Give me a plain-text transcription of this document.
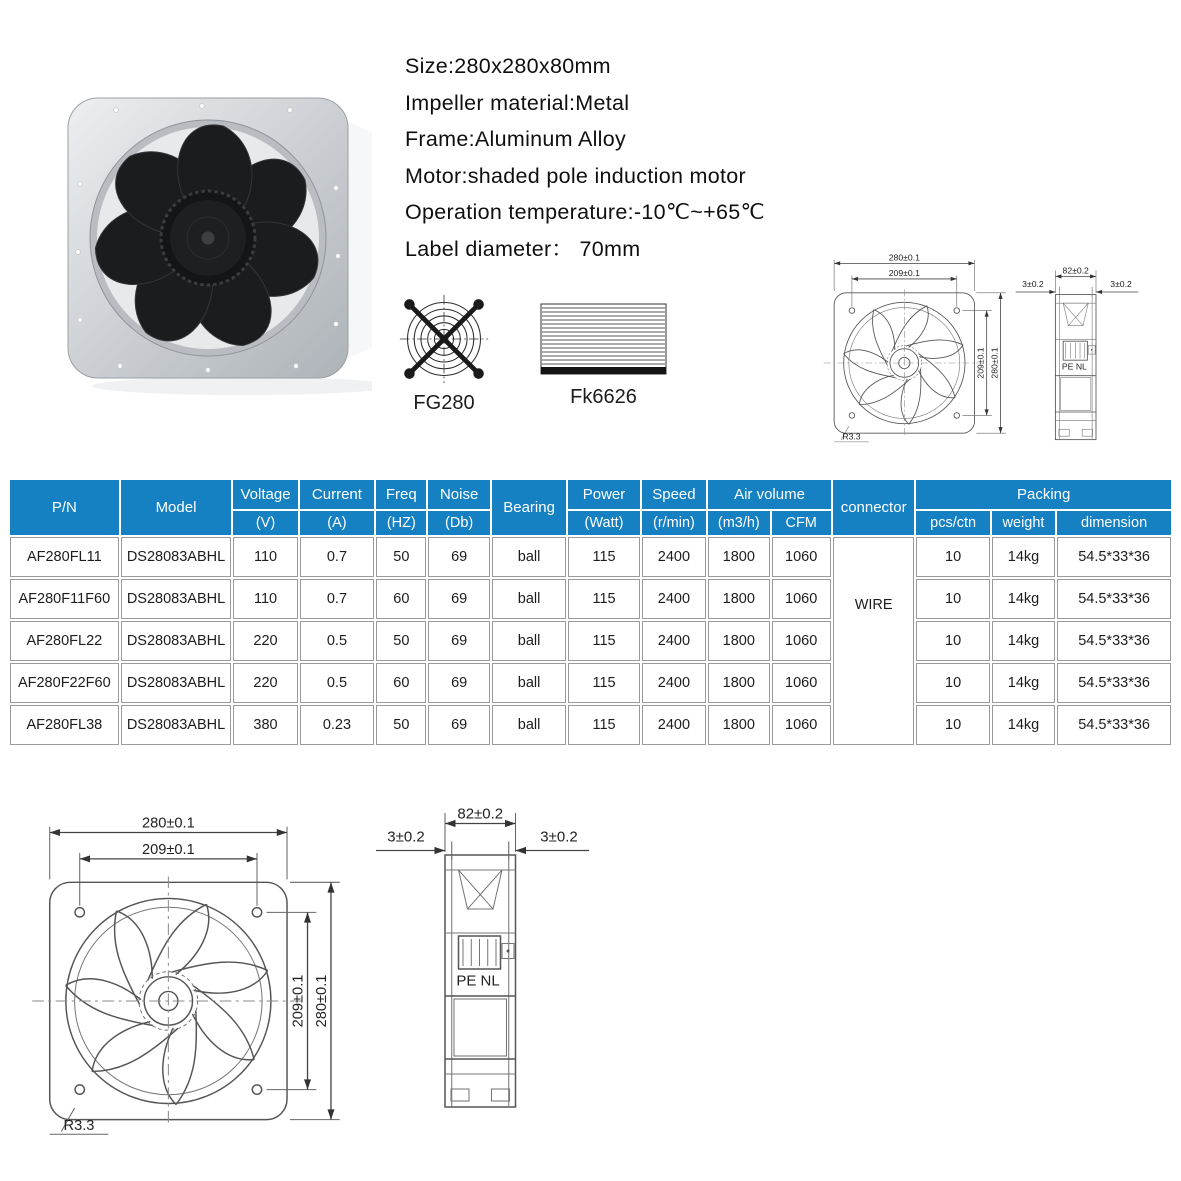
Size:280x280x80mm
Impeller material:Metal
Frame:Aluminum Alloy
Motor:shaded pole induction motor
Operation temperature:-10℃~+65℃
Label diameter： 70mm
FG280	Fk6626
280±0.1
209±0.1
209±0.1 280±0.1
R3.3
82±0.2
3±0.2	3±0.2
PE NL
P/N	Model	Voltage	Current	Freq	Noise	Bearing	Power	Speed	Air volume		connector	Packing		
		(V)	(A)	(HZ)	(Db)		(Watt)	(r/min)	(m3/h)	CFM		pcs/ctn	weight	dimension
AF280FL11	DS28083ABHL	110	0.7	50	69	ball	115	2400	1800	1060	WIRE	10	14kg	54.5*33*36
AF280F11F60	DS28083ABHL	110	0.7	60	69	ball	115	2400	1800	1060		10	14kg	54.5*33*36
AF280FL22	DS28083ABHL	220	0.5	50	69	ball	115	2400	1800	1060		10	14kg	54.5*33*36
AF280F22F60	DS28083ABHL	220	0.5	60	69	ball	115	2400	1800	1060		10	14kg	54.5*33*36
AF280FL38	DS28083ABHL	380	0.23	50	69	ball	115	2400	1800	1060		10	14kg	54.5*33*36
280±0.1
209±0.1
209±0.1 280±0.1
R3.3
82±0.2
3±0.2	3±0.2
PE NL
